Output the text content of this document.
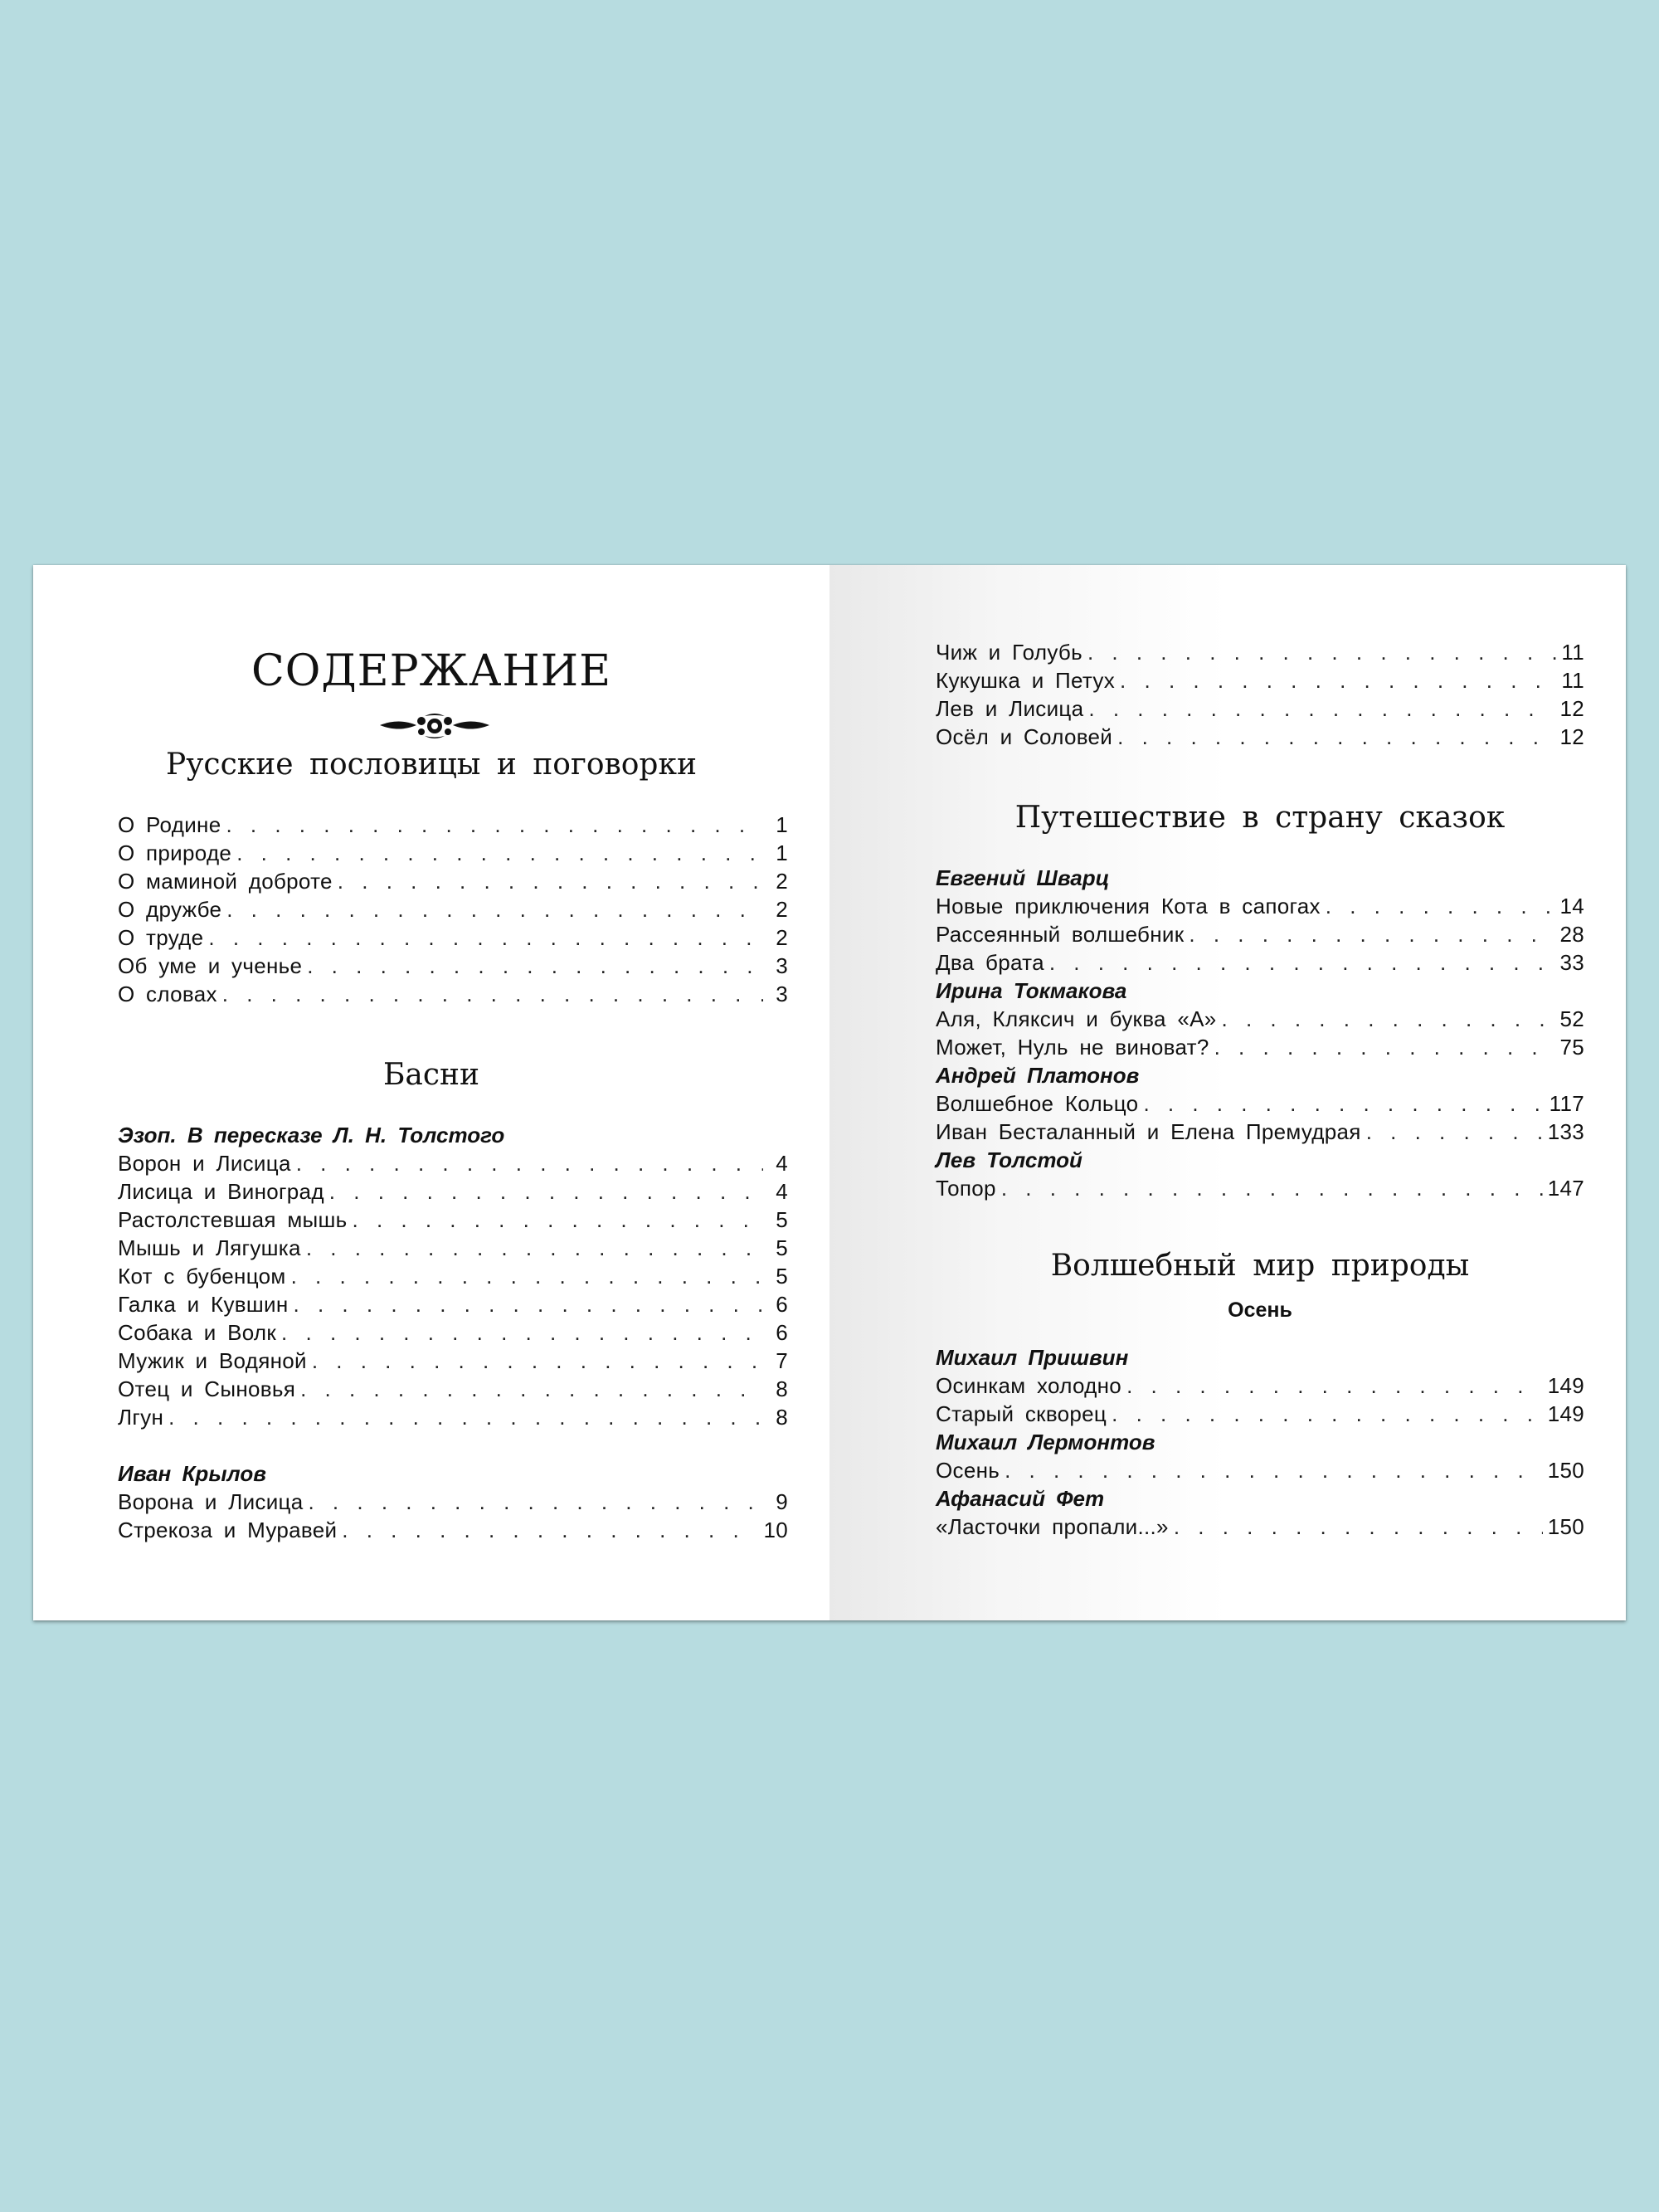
СОДЕРЖАНИЕ
Русские пословицы и поговорки
О Родине . . .	1
О природе . . .	1
О маминой доброте . . .	2
О дружбе . . .	2
О труде . . .	2
Об уме и ученье . . .	3
О словах . . .	3
Басни
Эзоп. В пересказе Л. Н. Толстого
Ворон и Лисица . . .	4
Лисица и Виноград . . .	4
Растолстевшая мышь . . .	5
Мышь и Лягушка . . .	5
Кот с бубенцом . . .	5
Галка и Кувшин . . .	6
Собака и Волк . . .	6
Мужик и Водяной . . .	7
Отец и Сыновья . . .	8
Лгун . . .	8
Иван Крылов
Ворона и Лисица . . .	9
Стрекоза и Муравей . . .	10
Чиж и Голубь . . .	11
Кукушка и Петух . . .	11
Лев и Лисица . . .	12
Осёл и Соловей . . .	12
Путешествие в страну сказок
Евгений Шварц
Новые приключения Кота в сапогах . . .	14
Рассеянный волшебник . . .	28
Два брата . . .	33
Ирина Токмакова
Аля, Кляксич и буква «А» . . .	52
Может, Нуль не виноват? . . .	75
Андрей Платонов
Волшебное Кольцо . . .	117
Иван Бесталанный и Елена Премудрая . . .	133
Лев Толстой
Топор . . .	147
Волшебный мир природы
Осень
Михаил Пришвин
Осинкам холодно . . .	149
Старый скворец . . .	149
Михаил Лермонтов
Осень . . .	150
Афанасий Фет
«Ласточки пропали...» . . .	150
